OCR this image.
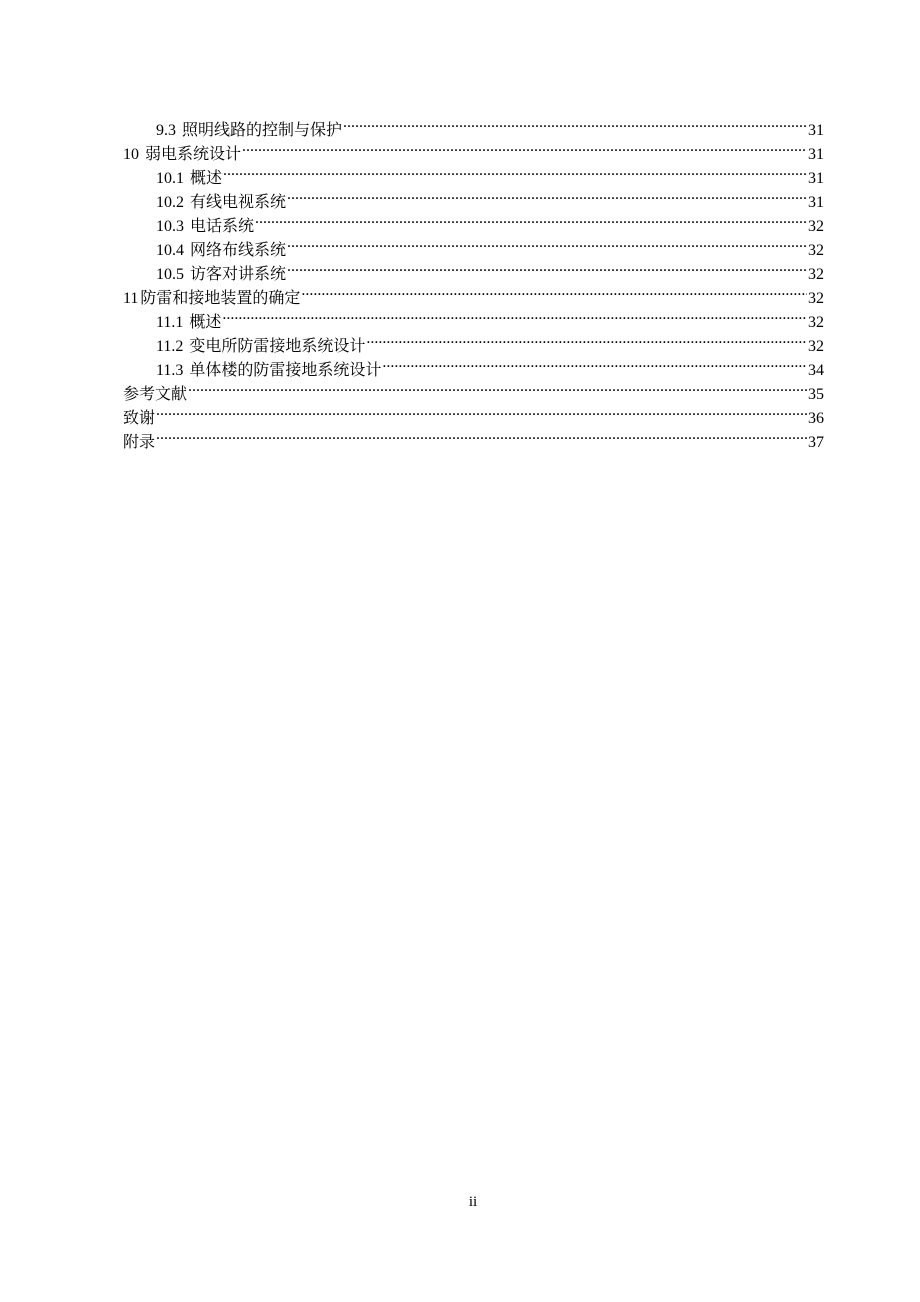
9.3 照明线路的控制与保护 .....	31
10 弱电系统设计 .....	31
10.1 概述 .....	31
10.2 有线电视系统 .....	31
10.3 电话系统 .....	32
10.4 网络布线系统 .....	32
10.5 访客对讲系统 .....	32
11 防雷和接地装置的确定 .....	32
11.1 概述 .....	32
11.2 变电所防雷接地系统设计 .....	32
11.3 单体楼的防雷接地系统设计 .....	34
参考文献 .....	35
致谢 .....	36
附录 .....	37
ii
